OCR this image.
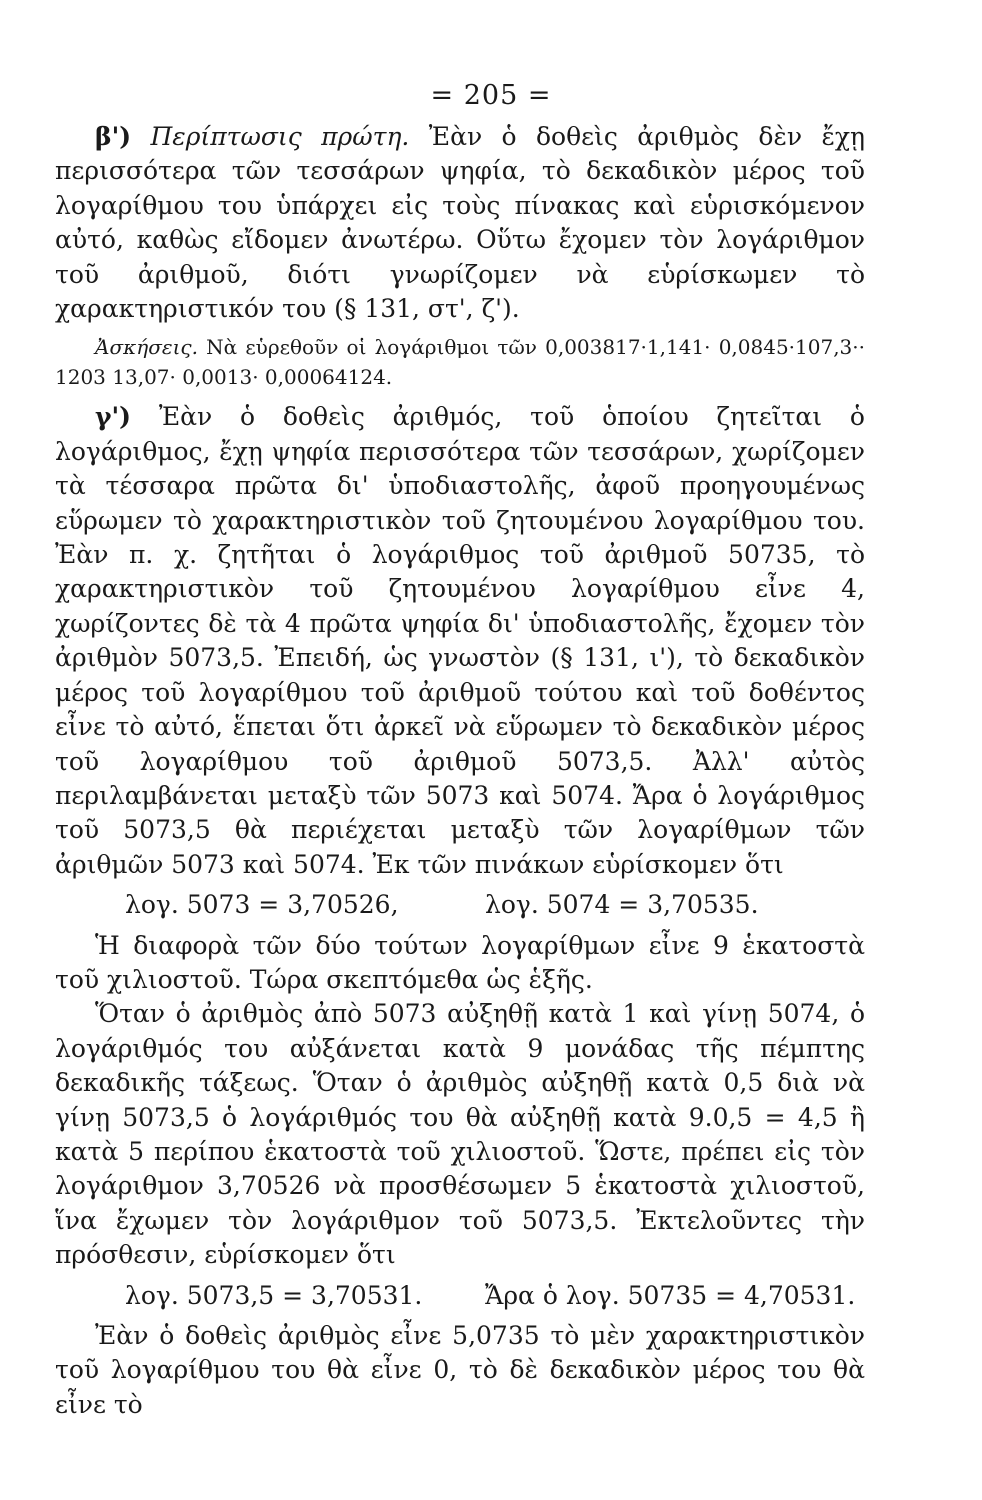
= 205 =

β') Περίπτωσις πρώτη. Ἐὰν ὁ δοθεὶς ἀριθμὸς δὲν ἔχῃ περισσότερα τῶν τεσσάρων ψηφία, τὸ δεκαδικὸν μέρος τοῦ λογαρίθμου του ὑπάρχει εἰς τοὺς πίνακας καὶ εὑρισκόμενον αὐτό, καθὼς εἴδομεν ἀνωτέρω. Οὕτω ἔχομεν τὸν λογάριθμον τοῦ ἀριθμοῦ, διότι γνωρίζομεν νὰ εὑρίσκωμεν τὸ χαρακτηριστικόν του (§ 131, στ', ζ').

Ἀσκήσεις. Νὰ εὑρεθοῦν οἱ λογάριθμοι τῶν 0,003817·1,141· 0,0845·107,3·· 1203 13,07· 0,0013· 0,00064124.

γ') Ἐὰν ὁ δοθεὶς ἀριθμός, τοῦ ὁποίου ζητεῖται ὁ λογάριθμος, ἔχῃ ψηφία περισσότερα τῶν τεσσάρων, χωρίζομεν τὰ τέσσαρα πρῶτα δι' ὑποδιαστολῆς, ἀφοῦ προηγουμένως εὕρωμεν τὸ χαρακτηριστικὸν τοῦ ζητουμένου λογαρίθμου του. Ἐὰν π. χ. ζητῆται ὁ λογάριθμος τοῦ ἀριθμοῦ 50735, τὸ χαρακτηριστικὸν τοῦ ζητουμένου λογαρίθμου εἶνε 4, χωρίζοντες δὲ τὰ 4 πρῶτα ψηφία δι' ὑποδιαστολῆς, ἔχομεν τὸν ἀριθμὸν 5073,5. Ἐπειδή, ὡς γνωστὸν (§ 131, ι'), τὸ δεκαδικὸν μέρος τοῦ λογαρίθμου τοῦ ἀριθμοῦ τούτου καὶ τοῦ δοθέντος εἶνε τὸ αὐτό, ἕπεται ὅτι ἀρκεῖ νὰ εὕρωμεν τὸ δεκαδικὸν μέρος τοῦ λογαρίθμου τοῦ ἀριθμοῦ 5073,5. Ἀλλ' αὐτὸς περιλαμβάνεται μεταξὺ τῶν 5073 καὶ 5074. Ἄρα ὁ λογάριθμος τοῦ 5073,5 θὰ περιέχεται μεταξὺ τῶν λογαρίθμων τῶν ἀριθμῶν 5073 καὶ 5074. Ἐκ τῶν πινάκων εὑρίσκομεν ὅτι

λογ. 5073 = 3,70526,	λογ. 5074 = 3,70535.

Ἡ διαφορὰ τῶν δύο τούτων λογαρίθμων εἶνε 9 ἑκατοστὰ τοῦ χιλιοστοῦ. Τώρα σκεπτόμεθα ὡς ἑξῆς.

Ὅταν ὁ ἀριθμὸς ἀπὸ 5073 αὐξηθῇ κατὰ 1 καὶ γίνῃ 5074, ὁ λογάριθμός του αὐξάνεται κατὰ 9 μονάδας τῆς πέμπτης δεκαδικῆς τάξεως. Ὅταν ὁ ἀριθμὸς αὐξηθῇ κατὰ 0,5 διὰ νὰ γίνῃ 5073,5 ὁ λογάριθμός του θὰ αὐξηθῇ κατὰ 9.0,5 = 4,5 ἢ κατὰ 5 περίπου ἑκατοστὰ τοῦ χιλιοστοῦ. Ὥστε, πρέπει εἰς τὸν λογάριθμον 3,70526 νὰ προσθέσωμεν 5 ἑκατοστὰ χιλιοστοῦ, ἵνα ἔχωμεν τὸν λογάριθμον τοῦ 5073,5. Ἐκτελοῦντες τὴν πρόσθεσιν, εὑρίσκομεν ὅτι

λογ. 5073,5 = 3,70531.	Ἄρα ὁ λογ. 50735 = 4,70531.

Ἐὰν ὁ δοθεὶς ἀριθμὸς εἶνε 5,0735 τὸ μὲν χαρακτηριστικὸν τοῦ λογαρίθμου του θὰ εἶνε 0, τὸ δὲ δεκαδικὸν μέρος του θὰ εἶνε τὸ
